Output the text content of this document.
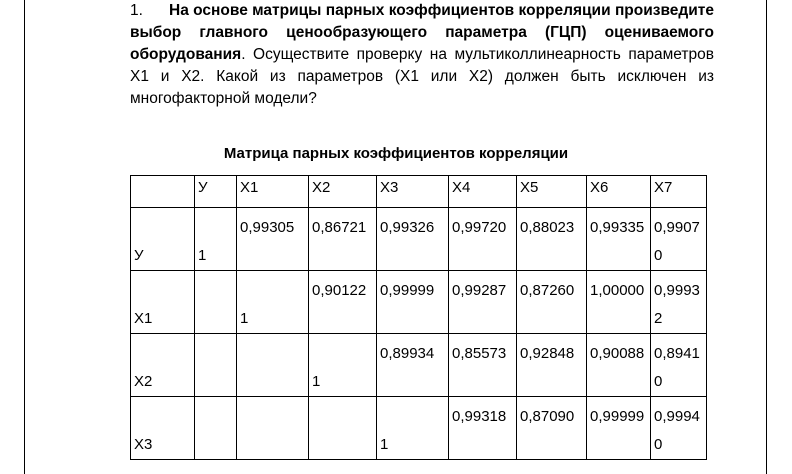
1. На основе матрицы парных коэффициентов корреляции произведите выбор главного ценообразующего параметра (ГЦП) оцениваемого оборудования. Осуществите проверку на мультиколлинеарность параметров Х1 и Х2. Какой из параметров (Х1 или Х2) должен быть исключен из многофакторной модели?
Матрица парных коэффициентов корреляции
	У	Х1	Х2	Х3	Х4	Х5	Х6	Х7

У	1	0,99305	0,86721	0,99326	0,99720	0,88023	0,99335	0,99070

Х1		1	0,90122	0,99999	0,99287	0,87260	1,00000	0,99932

Х2			1	0,89934	0,85573	0,92848	0,90088	0,89410

Х3				1	0,99318	0,87090	0,99999	0,99940
